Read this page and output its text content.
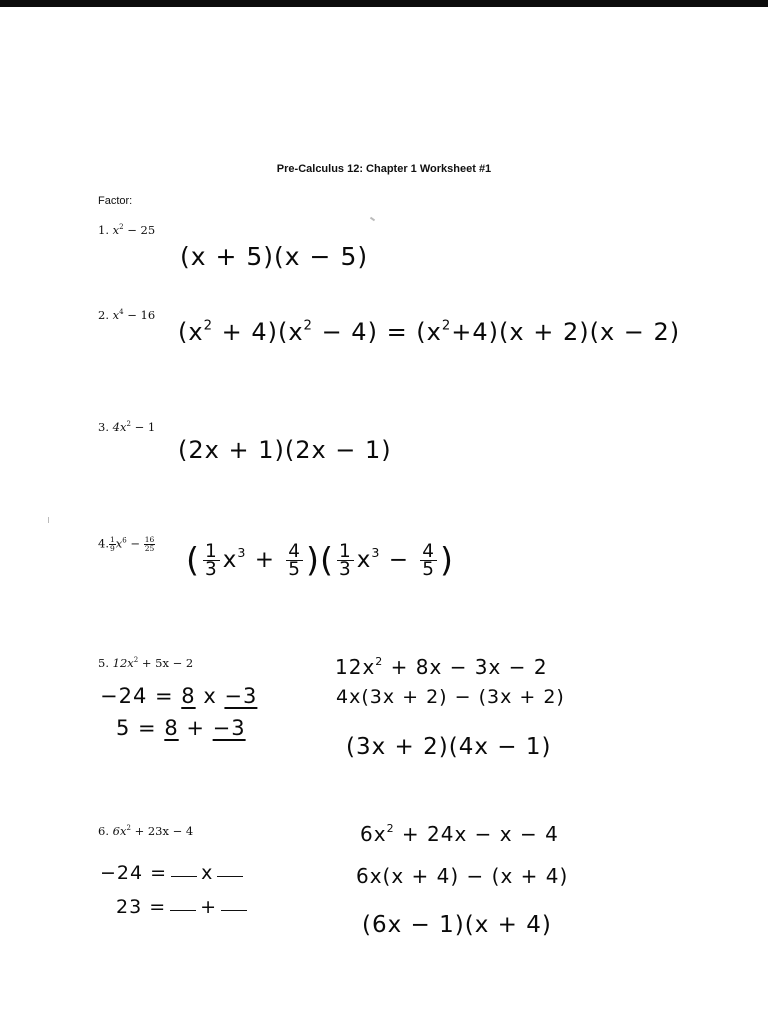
Pre-Calculus 12: Chapter 1 Worksheet #1
Factor:
1. $x^2 - 25$
(x + 5)(x − 5)
2. $x^4 - 16$
$(x^2 + 4)(x^2 - 4) = (x^2+4)(x + 2)(x - 2)$
3. $4x^2 - 1$
(2x + 1)(2x − 1)
4. $\frac{1}{9} x^6 - \frac{16}{25}$ ( $\frac{1}{3} x^3 + \frac{4}{5}$ )( $\frac{1}{3} x^3 - \frac{4}{5}$ )
5. $12x^2 + 5x - 2$
−24 = 8 x −3
5 = 8 + −3
$12x^2 + 8x - 3x - 2$
4x(3x + 2) − (3x + 2)
(3x + 2)(4x − 1)
6. $6x^2 + 23x - 4$
−24 = x
23 = +
$6x^2 + 24x - x - 4$
6x(x + 4) − (x + 4)
(6x − 1)(x + 4)
